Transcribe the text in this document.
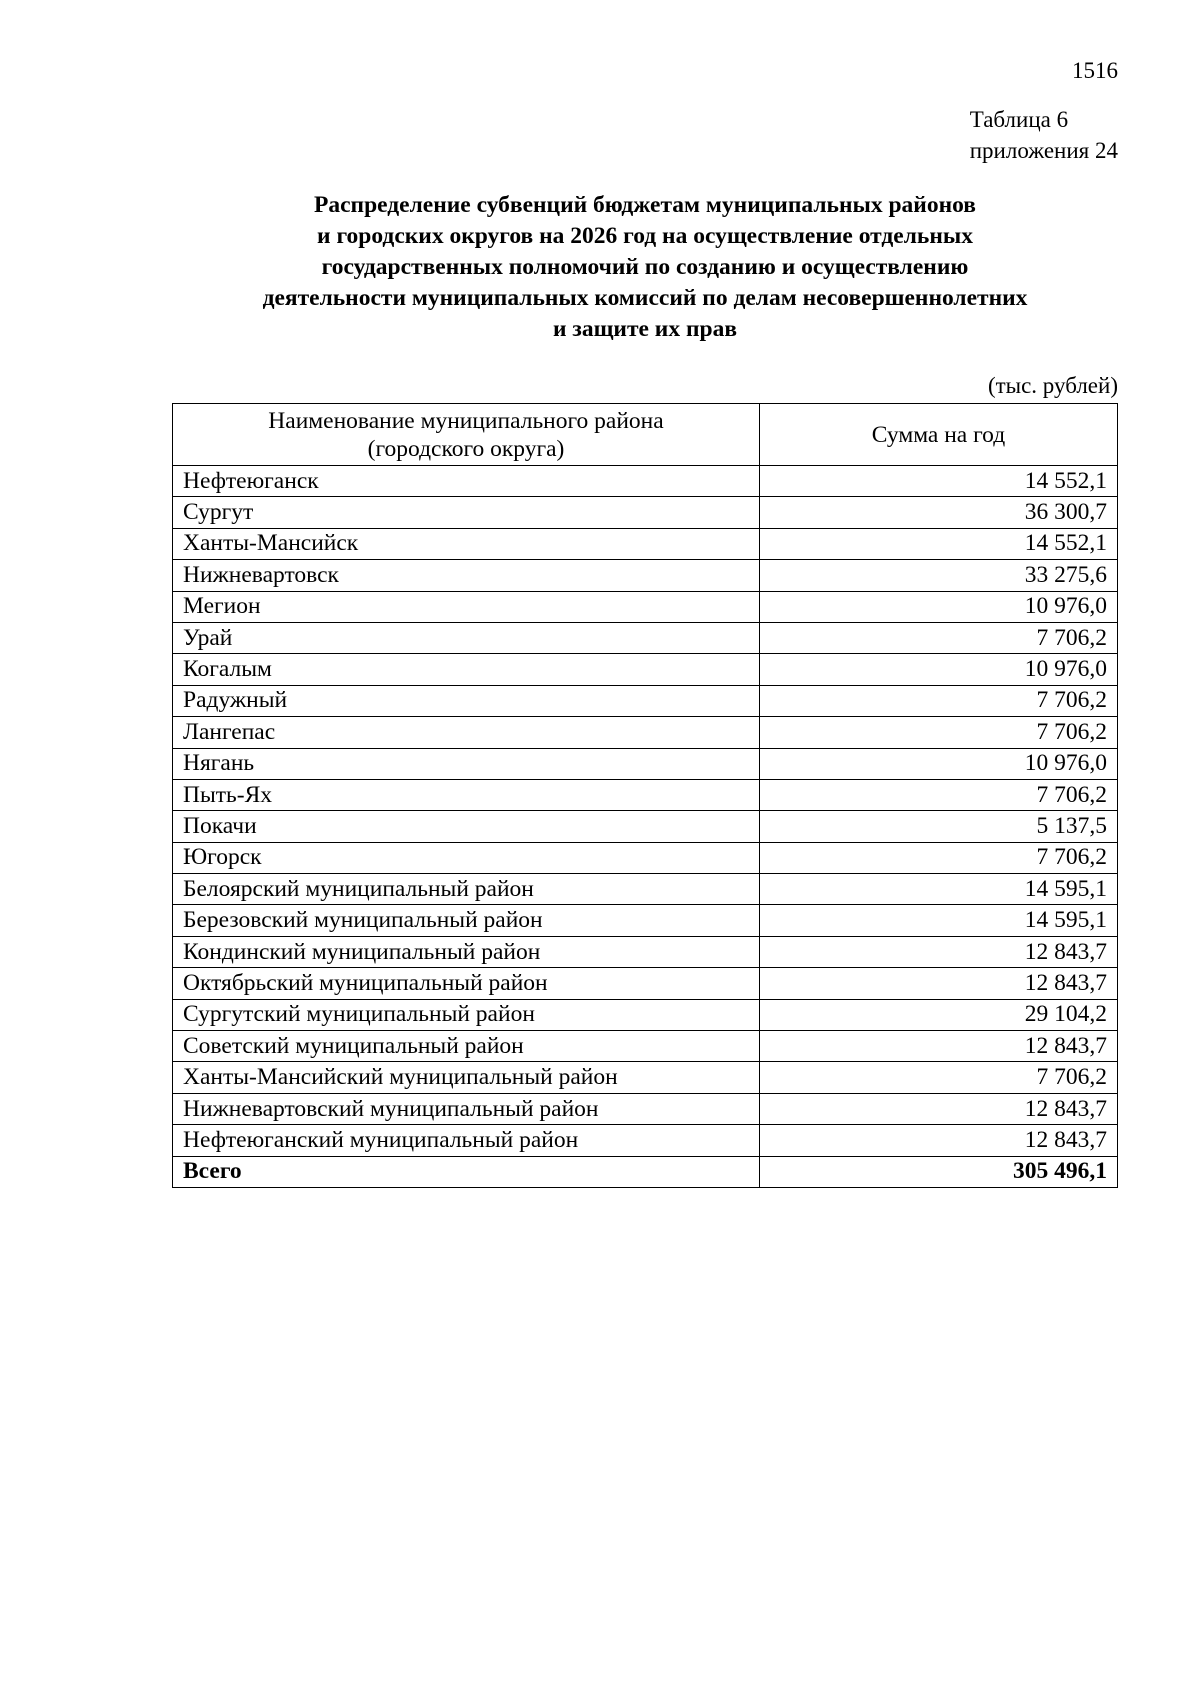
1516
Таблица 6
приложения 24
Распределение субвенций бюджетам муниципальных районов
и городских округов на 2026 год на осуществление отдельных
государственных полномочий по созданию и осуществлению
деятельности муниципальных комиссий по делам несовершеннолетних
и защите их прав
(тыс. рублей)
Наименование муниципального района
(городского округа)	Сумма на год
Нефтеюганск	14 552,1
Сургут	36 300,7
Ханты-Мансийск	14 552,1
Нижневартовск	33 275,6
Мегион	10 976,0
Урай	7 706,2
Когалым	10 976,0
Радужный	7 706,2
Лангепас	7 706,2
Нягань	10 976,0
Пыть-Ях	7 706,2
Покачи	5 137,5
Югорск	7 706,2
Белоярский муниципальный район	14 595,1
Березовский муниципальный район	14 595,1
Кондинский муниципальный район	12 843,7
Октябрьский муниципальный район	12 843,7
Сургутский муниципальный район	29 104,2
Советский муниципальный район	12 843,7
Ханты-Мансийский муниципальный район	7 706,2
Нижневартовский муниципальный район	12 843,7
Нефтеюганский муниципальный район	12 843,7
Всего	305 496,1
